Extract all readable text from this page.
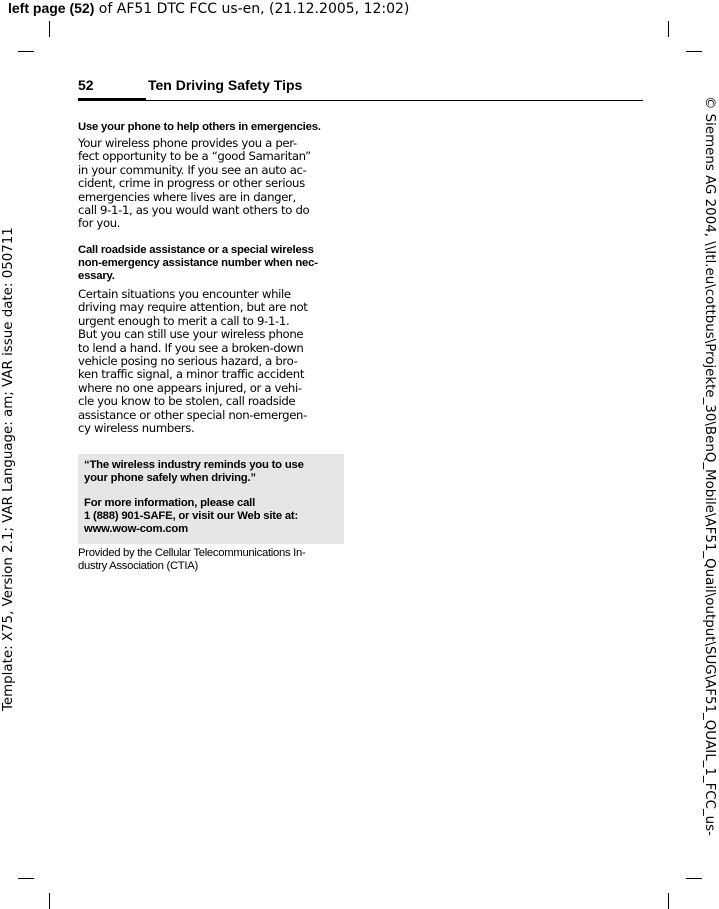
left page (52) of AF51 DTC FCC us-en, (21.12.2005, 12:02)
Template: X75, Version 2.1; VAR Language: am; VAR issue date: 050711	© Siemens AG 2004, \\Itl.eu\cottbus\Projekte_30\BenQ_Mobile\AF51_Quail\output\SUG\AF51_QUAIL_1_FCC_us-
52	Ten Driving Safety Tips
Use your phone to help others in emergencies.
Your wireless phone provides you a per-
fect opportunity to be a “good Samaritan”
in your community. If you see an auto ac-
cident, crime in progress or other serious
emergencies where lives are in danger,
call 9-1-1, as you would want others to do
for you.
Call roadside assistance or a special wireless
non-emergency assistance number when nec-
essary.
Certain situations you encounter while
driving may require attention, but are not
urgent enough to merit a call to 9-1-1.
But you can still use your wireless phone
to lend a hand. If you see a broken-down
vehicle posing no serious hazard, a bro-
ken traffic signal, a minor traffic accident
where no one appears injured, or a vehi-
cle you know to be stolen, call roadside
assistance or other special non-emergen-
cy wireless numbers.
“The wireless industry reminds you to use
your phone safely when driving.”
For more information, please call
1 (888) 901-SAFE, or visit our Web site at:
www.wow-com.com
Provided by the Cellular Telecommunications In-
dustry Association (CTIA)
